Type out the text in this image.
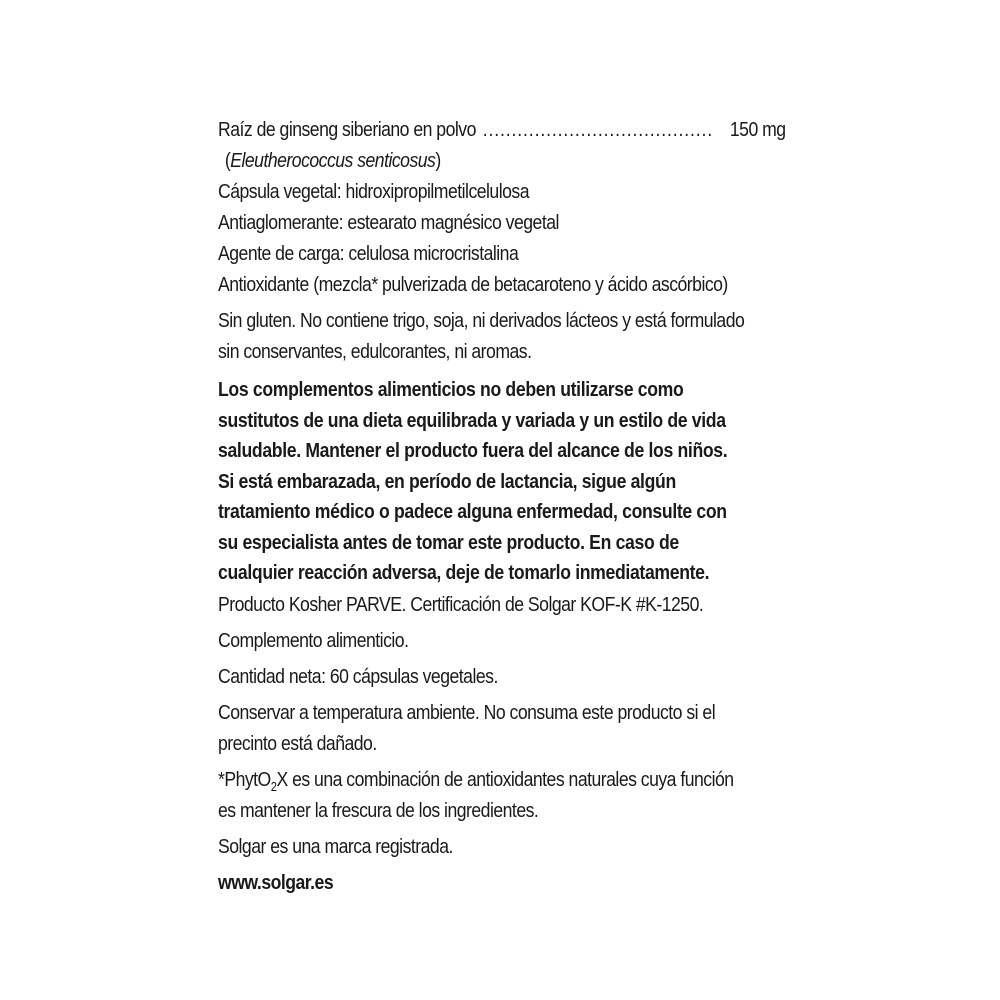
Raíz de ginseng siberiano en polvo ........................................ 150 mg
(Eleutherococcus senticosus)
Cápsula vegetal: hidroxipropilmetilcelulosa
Antiaglomerante: estearato magnésico vegetal
Agente de carga: celulosa microcristalina
Antioxidante (mezcla* pulverizada de betacaroteno y ácido ascórbico)
Sin gluten. No contiene trigo, soja, ni derivados lácteos y está formulado
sin conservantes, edulcorantes, ni aromas.
Los complementos alimenticios no deben utilizarse como
sustitutos de una dieta equilibrada y variada y un estilo de vida
saludable. Mantener el producto fuera del alcance de los niños.
Si está embarazada, en período de lactancia, sigue algún
tratamiento médico o padece alguna enfermedad, consulte con
su especialista antes de tomar este producto. En caso de
cualquier reacción adversa, deje de tomarlo inmediatamente.
Producto Kosher PARVE. Certificación de Solgar KOF-K #K-1250.
Complemento alimenticio.
Cantidad neta: 60 cápsulas vegetales.
Conservar a temperatura ambiente. No consuma este producto si el
precinto está dañado.
*PhytO$_2$X es una combinación de antioxidantes naturales cuya función
es mantener la frescura de los ingredientes.
Solgar es una marca registrada.
www.solgar.es
